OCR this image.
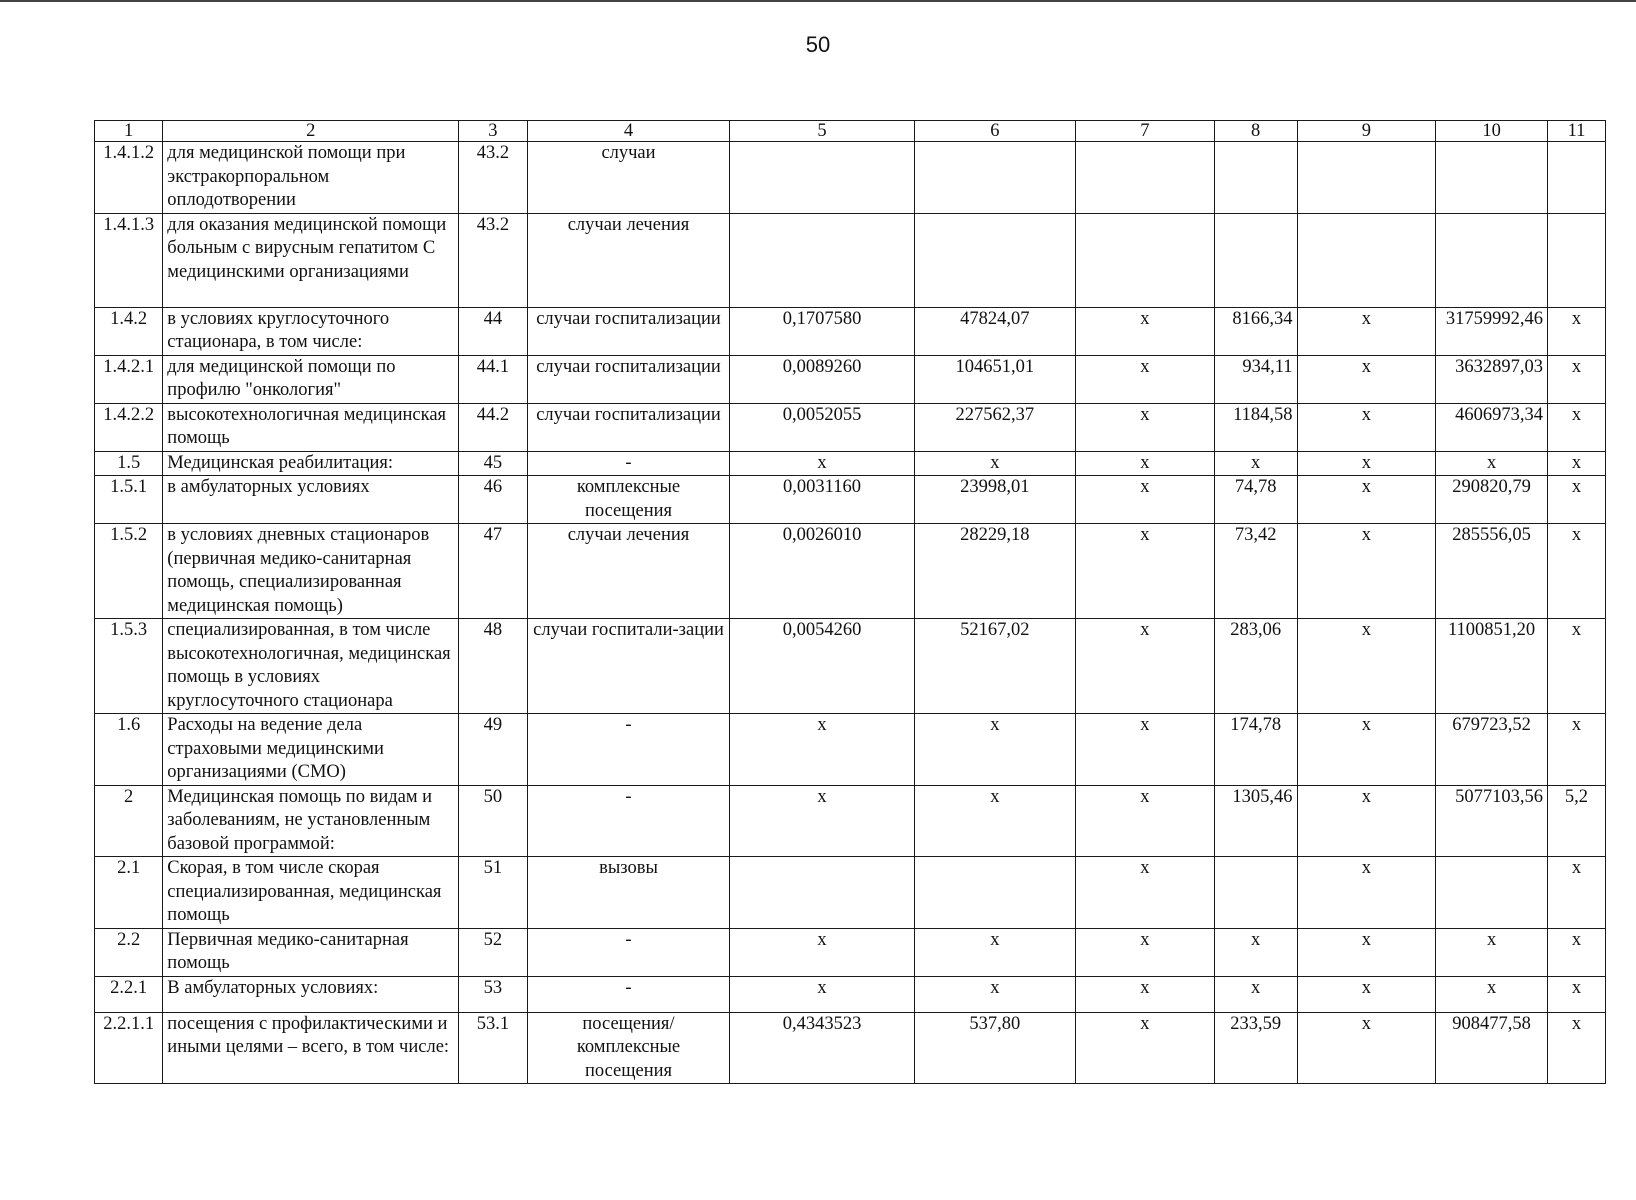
50
1	2	3	4	5	6	7	8	9	10	11
1.4.1.2	для медицинской помощи при экстракорпоральном оплодотворении	43.2	случаи							
1.4.1.3	для оказания медицинской помощи больным с вирусным гепатитом С медицинскими организациями	43.2	случаи лечения							
1.4.2	в условиях круглосуточного стационара, в том числе:	44	случаи госпитализации	0,1707580	47824,07	х	8166,34	х	31759992,46	х
1.4.2.1	для медицинской помощи по профилю "онкология"	44.1	случаи госпитализации	0,0089260	104651,01	х	934,11	х	3632897,03	х
1.4.2.2	высокотехнологичная медицинская помощь	44.2	случаи госпитализации	0,0052055	227562,37	х	1184,58	х	4606973,34	х
1.5	Медицинская реабилитация:	45	-	х	х	х	х	х	х	х
1.5.1	в амбулаторных условиях	46	комплексные посещения	0,0031160	23998,01	х	74,78	х	290820,79	х
1.5.2	в условиях дневных стационаров (первичная медико-санитарная помощь, специализированная медицинская помощь)	47	случаи лечения	0,0026010	28229,18	х	73,42	х	285556,05	х
1.5.3	специализированная, в том числе высокотехнологичная, медицинская помощь в условиях круглосуточного стационара	48	случаи госпитали-зации	0,0054260	52167,02	х	283,06	х	1100851,20	х
1.6	Расходы на ведение дела страховыми медицинскими организациями (СМО)	49	-	х	х	х	174,78	х	679723,52	х
2	Медицинская помощь по видам и заболеваниям, не установленным базовой программой:	50	-	х	х	х	1305,46	х	5077103,56	5,2
2.1	Скорая, в том числе скорая специализированная, медицинская помощь	51	вызовы			х		х		х
2.2	Первичная медико-санитарная помощь	52	-	х	х	х	х	х	х	х
2.2.1	В амбулаторных условиях:	53	-	х	х	х	х	х	х	х
2.2.1.1	посещения с профилактическими и иными целями – всего, в том числе:	53.1	посещения/ комплексные посещения	0,4343523	537,80	х	233,59	х	908477,58	х
